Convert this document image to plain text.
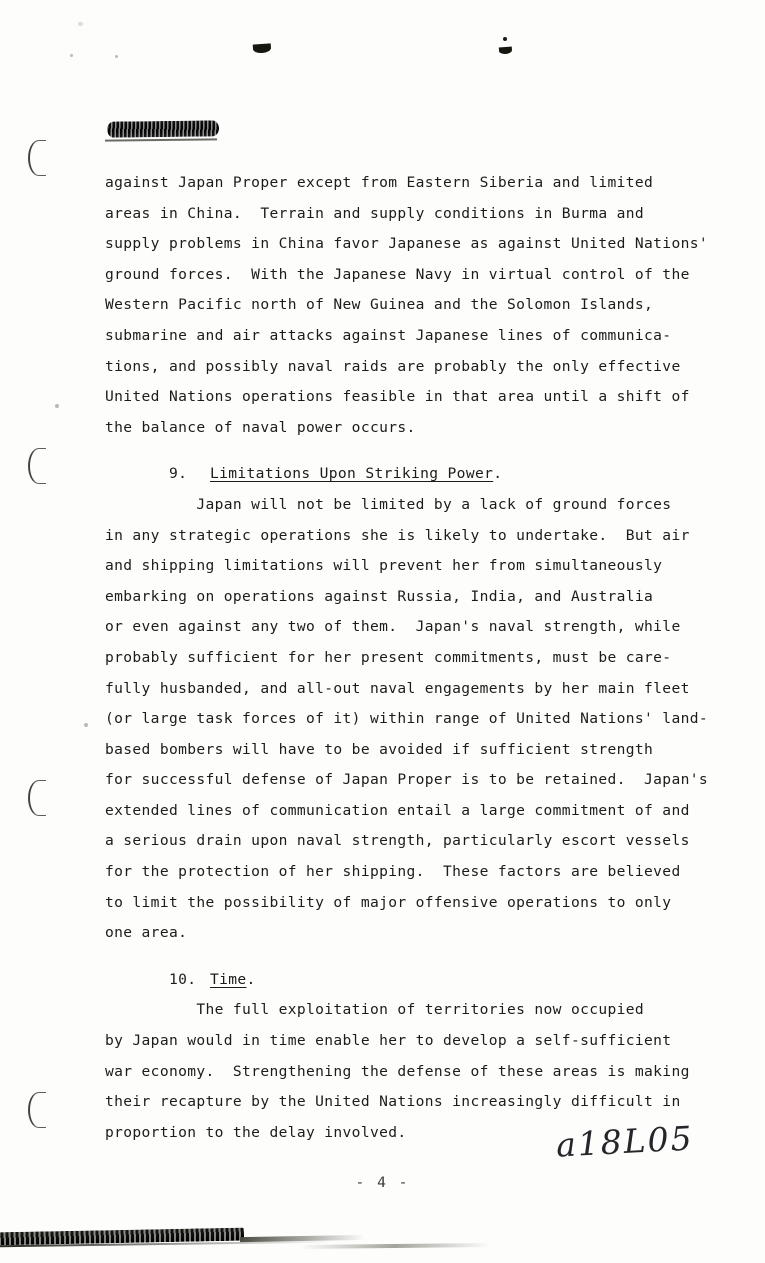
against Japan Proper except from Eastern Siberia and limited
areas in China.  Terrain and supply conditions in Burma and
supply problems in China favor Japanese as against United Nations'
ground forces.  With the Japanese Navy in virtual control of the
Western Pacific north of New Guinea and the Solomon Islands,
submarine and air attacks against Japanese lines of communica-
tions, and possibly naval raids are probably the only effective
United Nations operations feasible in that area until a shift of
the balance of naval power occurs.
9. Limitations Upon Striking Power.
Japan will not be limited by a lack of ground forces
in any strategic operations she is likely to undertake.  But air
and shipping limitations will prevent her from simultaneously
embarking on operations against Russia, India, and Australia
or even against any two of them.  Japan's naval strength, while
probably sufficient for her present commitments, must be care-
fully husbanded, and all-out naval engagements by her main fleet
(or large task forces of it) within range of United Nations' land-
based bombers will have to be avoided if sufficient strength
for successful defense of Japan Proper is to be retained.  Japan's
extended lines of communication entail a large commitment of and
a serious drain upon naval strength, particularly escort vessels
for the protection of her shipping.  These factors are believed
to limit the possibility of major offensive operations to only
one area.
10. Time.
The full exploitation of territories now occupied
by Japan would in time enable her to develop a self-sufficient
war economy.  Strengthening the defense of these areas is making
their recapture by the United Nations increasingly difficult in
proportion to the delay involved.	a18L05
- 4 -
